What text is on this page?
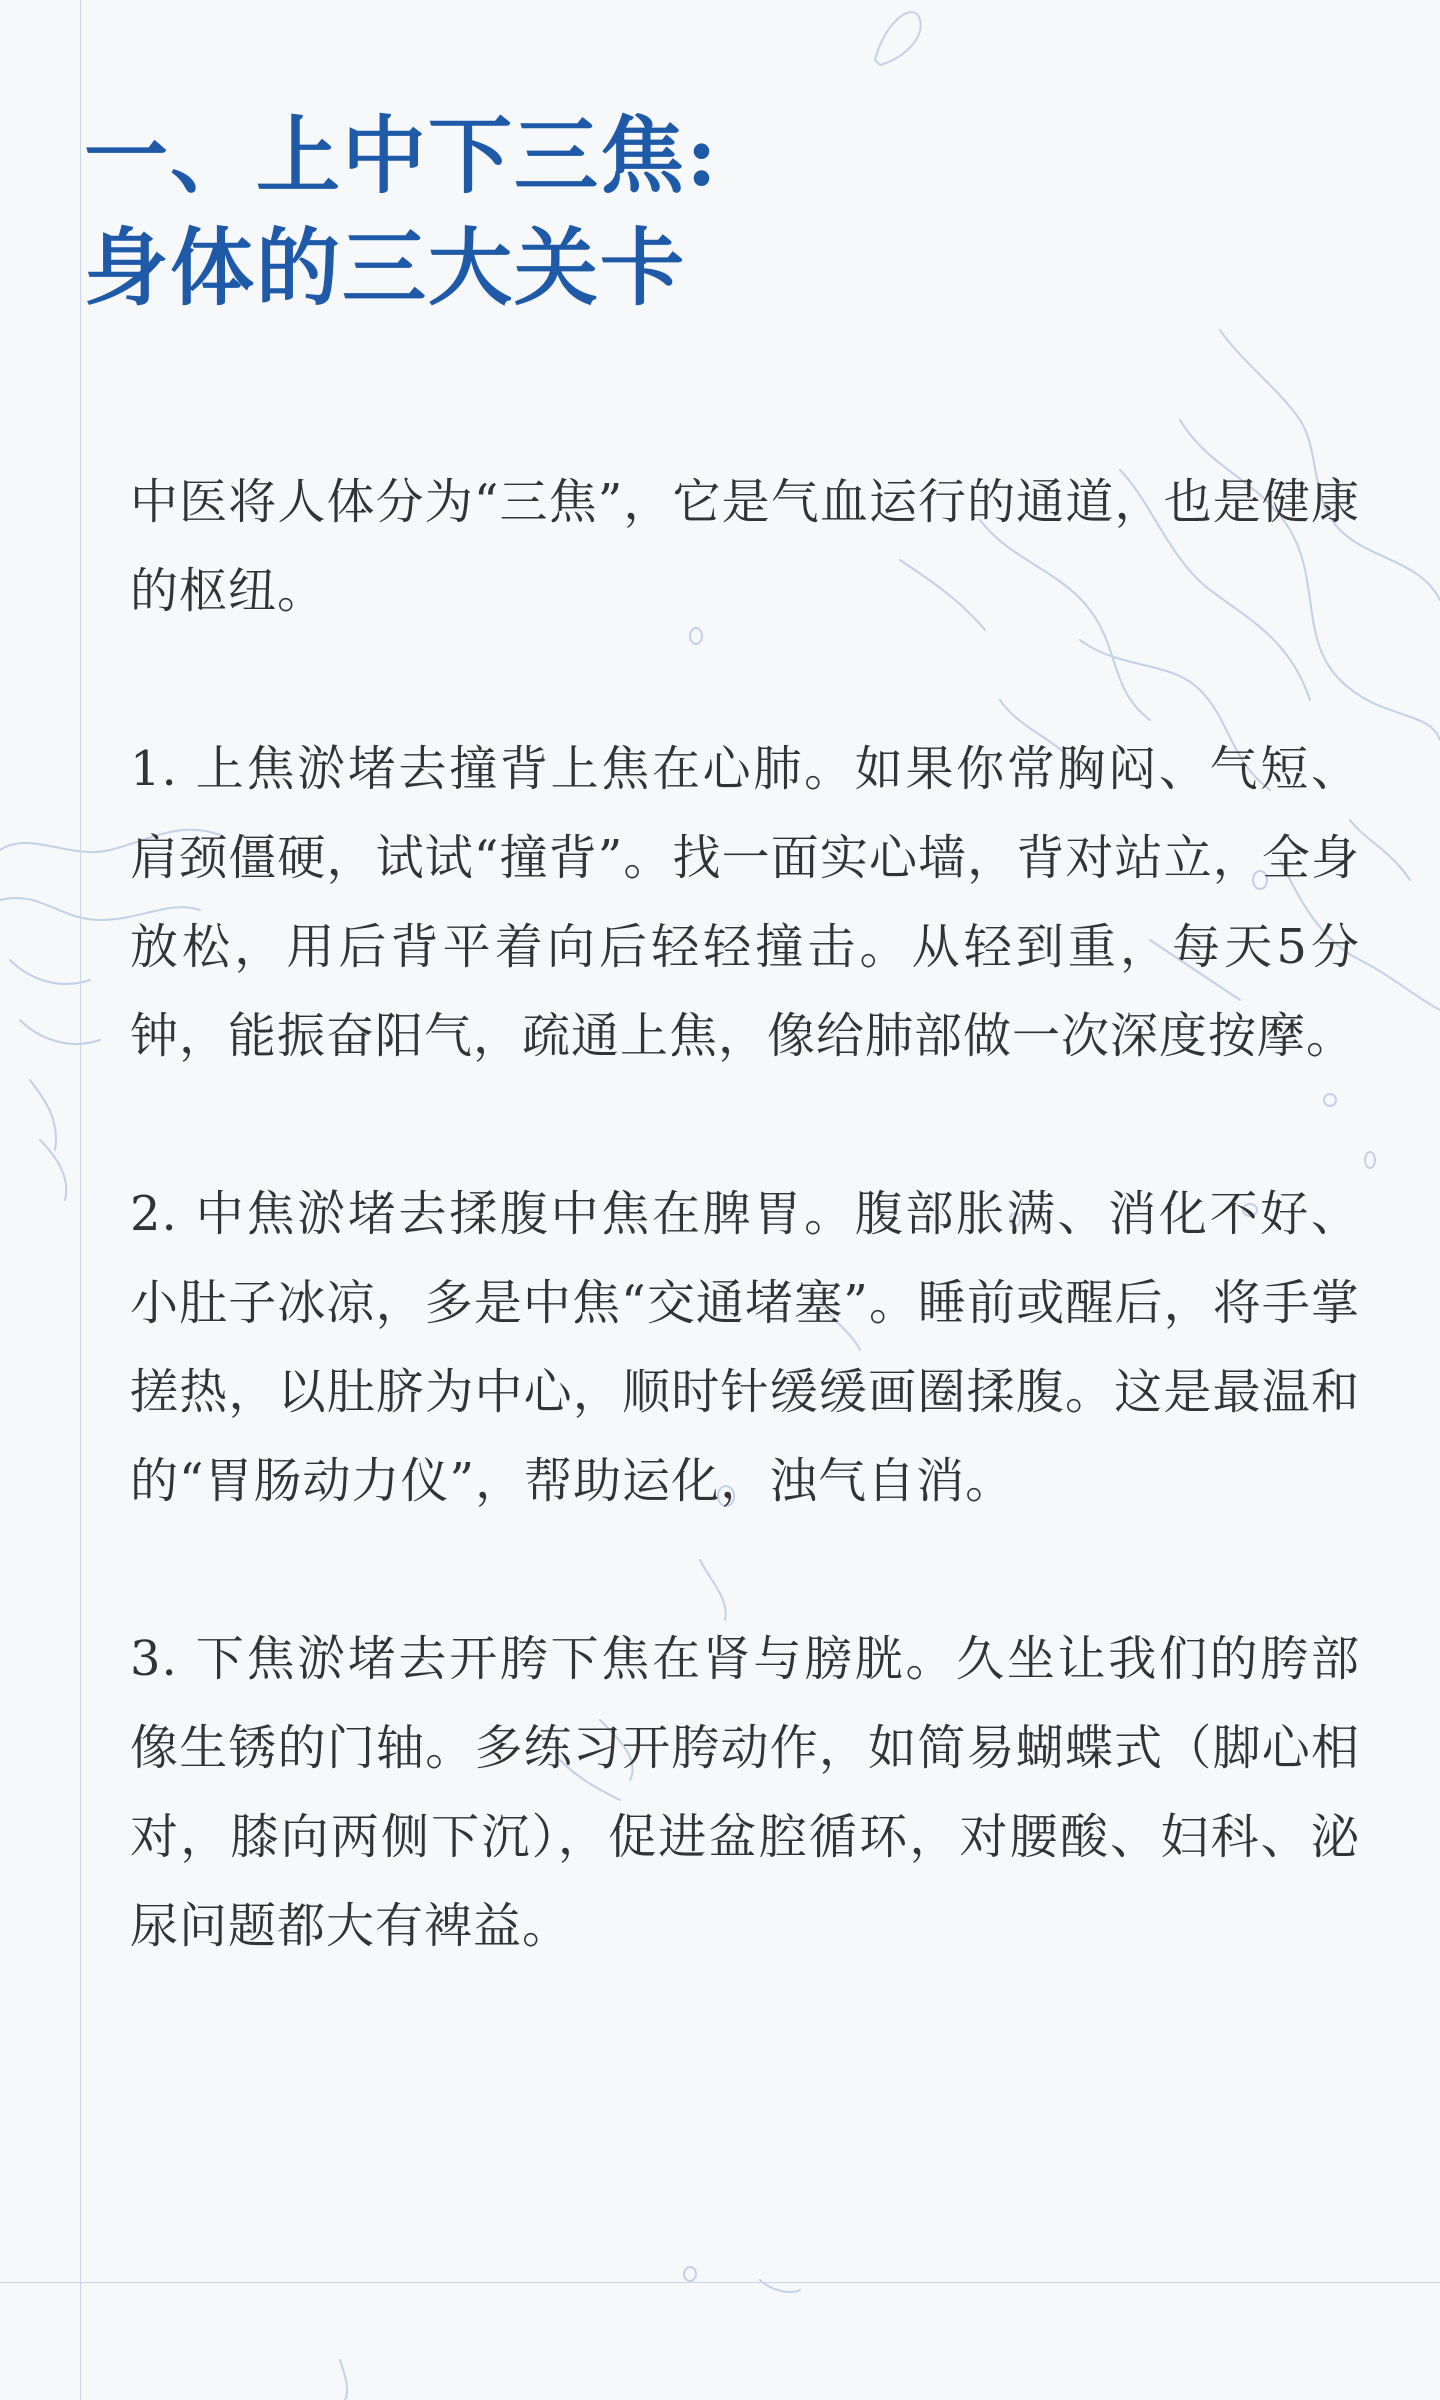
一、上中下三焦:
身体的三大关卡

中医将人体分为“三焦”，它是气血运行的通道，也是健康的枢纽。

1. 上焦淤堵去撞背上焦在心肺。如果你常胸闷、气短、肩颈僵硬，试试“撞背”。找一面实心墙，背对站立，全身放松，用后背平着向后轻轻撞击。从轻到重，每天5分钟，能振奋阳气，疏通上焦，像给肺部做一次深度按摩。

2. 中焦淤堵去揉腹中焦在脾胃。腹部胀满、消化不好、小肚子冰凉，多是中焦“交通堵塞”。睡前或醒后，将手掌搓热，以肚脐为中心，顺时针缓缓画圈揉腹。这是最温和的“胃肠动力仪”，帮助运化，浊气自消。

3. 下焦淤堵去开胯下焦在肾与膀胱。久坐让我们的胯部像生锈的门轴。多练习开胯动作，如简易蝴蝶式（脚心相对，膝向两侧下沉），促进盆腔循环，对腰酸、妇科、泌尿问题都大有裨益。
